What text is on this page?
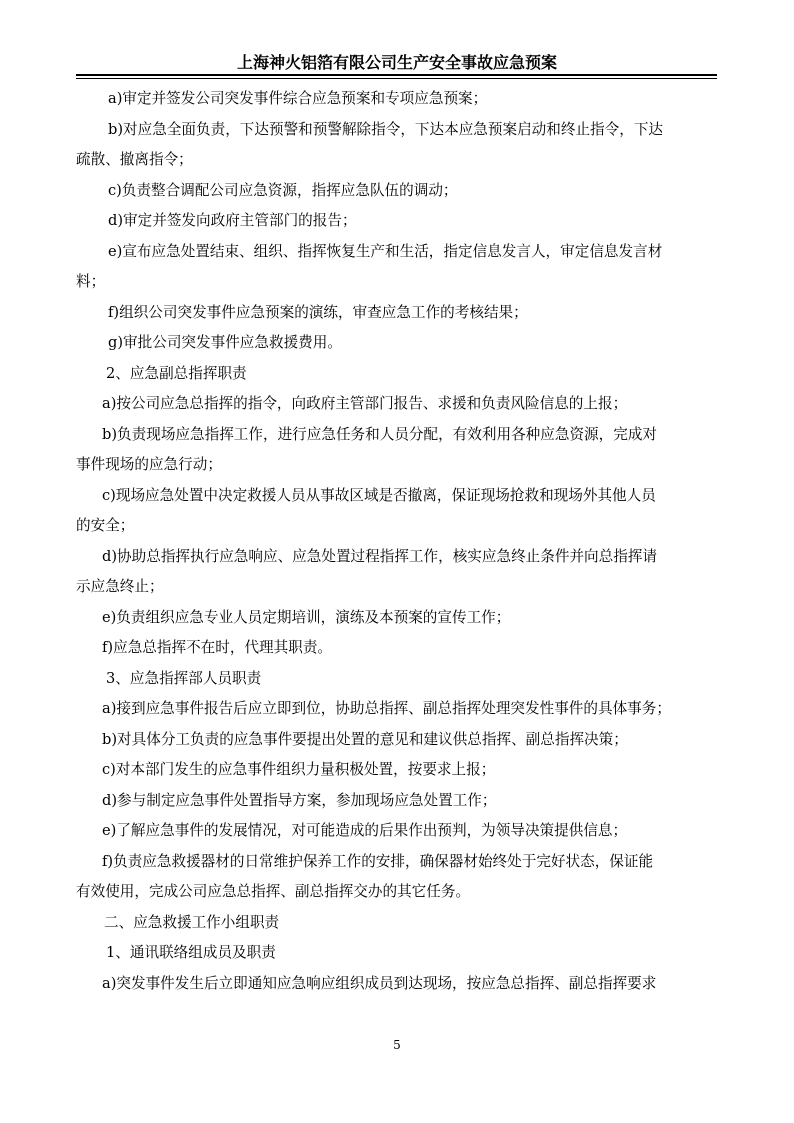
上海神火铝箔有限公司生产安全事故应急预案
a)审定并签发公司突发事件综合应急预案和专项应急预案；
b)对应急全面负责，下达预警和预警解除指令，下达本应急预案启动和终止指令，下达
疏散、撤离指令；
c)负责整合调配公司应急资源，指挥应急队伍的调动；
d)审定并签发向政府主管部门的报告；
e)宣布应急处置结束、组织、指挥恢复生产和生活，指定信息发言人，审定信息发言材
料；
f)组织公司突发事件应急预案的演练，审查应急工作的考核结果；
g)审批公司突发事件应急救援费用。
2、应急副总指挥职责
a)按公司应急总指挥的指令，向政府主管部门报告、求援和负责风险信息的上报；
b)负责现场应急指挥工作，进行应急任务和人员分配，有效利用各种应急资源，完成对
事件现场的应急行动；
c)现场应急处置中决定救援人员从事故区域是否撤离，保证现场抢救和现场外其他人员
的安全；
d)协助总指挥执行应急响应、应急处置过程指挥工作，核实应急终止条件并向总指挥请
示应急终止；
e)负责组织应急专业人员定期培训，演练及本预案的宣传工作；
f)应急总指挥不在时，代理其职责。
3、应急指挥部人员职责
a)接到应急事件报告后应立即到位，协助总指挥、副总指挥处理突发性事件的具体事务；
b)对具体分工负责的应急事件要提出处置的意见和建议供总指挥、副总指挥决策；
c)对本部门发生的应急事件组织力量积极处置，按要求上报；
d)参与制定应急事件处置指导方案，参加现场应急处置工作；
e)了解应急事件的发展情况，对可能造成的后果作出预判，为领导决策提供信息；
f)负责应急救援器材的日常维护保养工作的安排，确保器材始终处于完好状态，保证能
有效使用，完成公司应急总指挥、副总指挥交办的其它任务。
二、应急救援工作小组职责
1、通讯联络组成员及职责
a)突发事件发生后立即通知应急响应组织成员到达现场，按应急总指挥、副总指挥要求
5
